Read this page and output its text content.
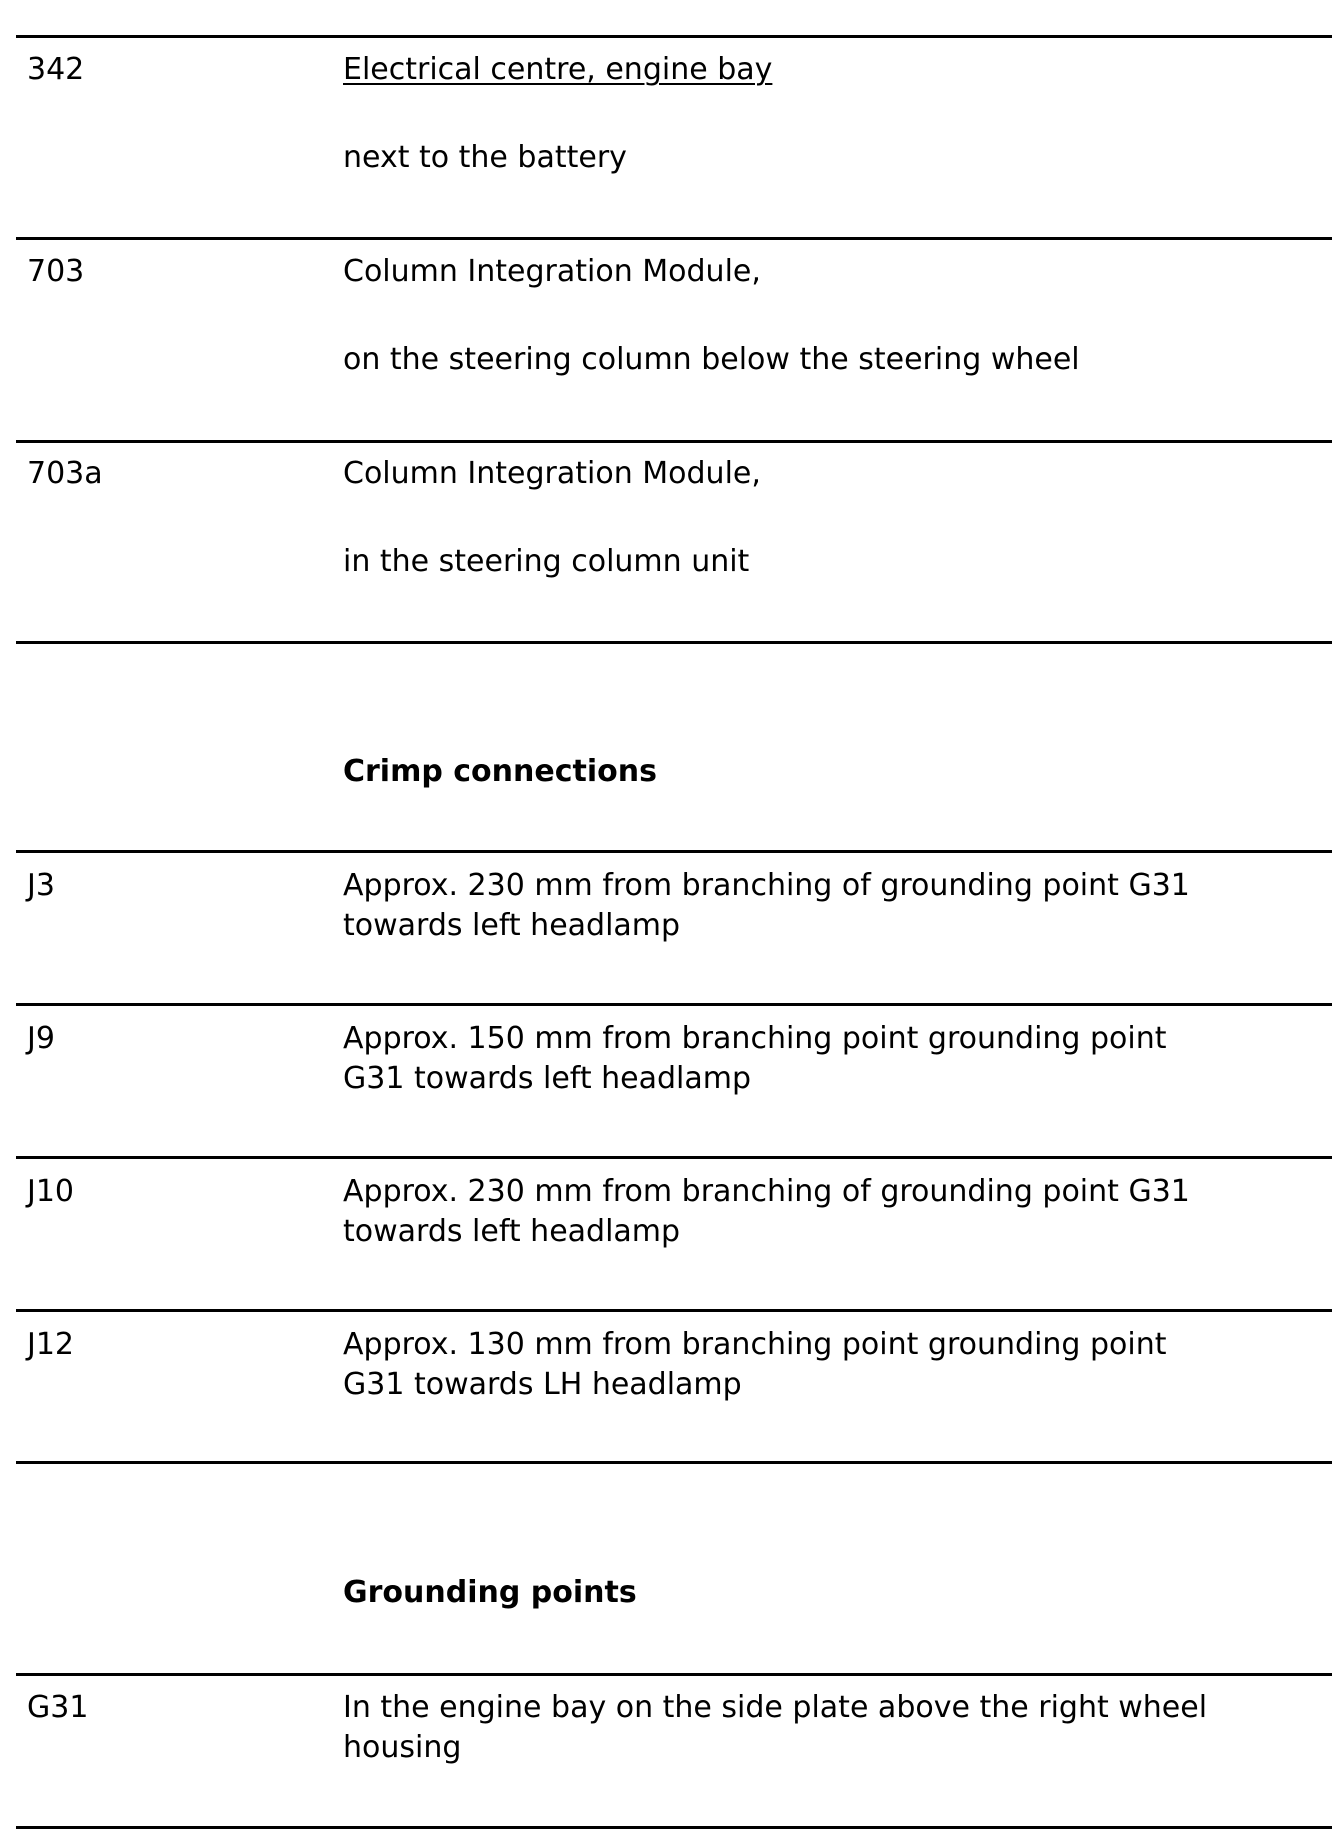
342	Electrical centre, engine bay
next to the battery
703	Column Integration Module,
on the steering column below the steering wheel
703a	Column Integration Module,
in the steering column unit
Crimp connections
J3	Approx. 230 mm from branching of grounding point G31
towards left headlamp
J9	Approx. 150 mm from branching point grounding point
G31 towards left headlamp
J10	Approx. 230 mm from branching of grounding point G31
towards left headlamp
J12	Approx. 130 mm from branching point grounding point
G31 towards LH headlamp
Grounding points
G31	In the engine bay on the side plate above the right wheel
housing
